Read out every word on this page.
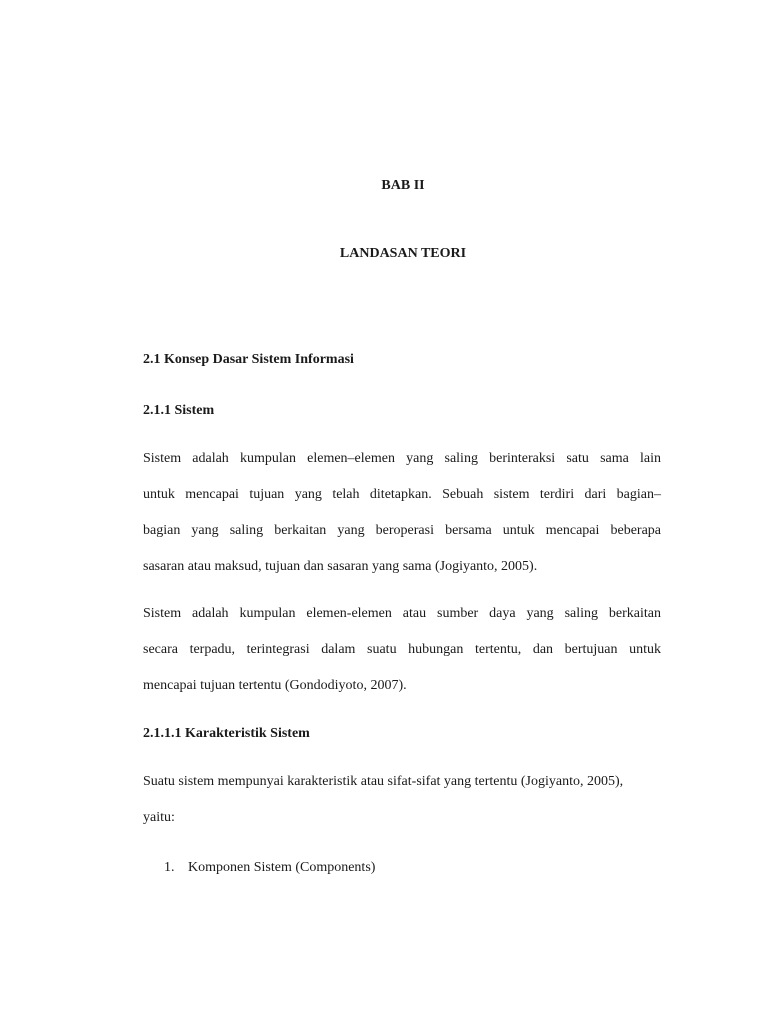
BAB II
LANDASAN TEORI
2.1 Konsep Dasar Sistem Informasi
2.1.1 Sistem
Sistem adalah kumpulan elemen–elemen yang saling berinteraksi satu sama lain
untuk mencapai tujuan yang telah ditetapkan. Sebuah sistem terdiri dari bagian–
bagian yang saling berkaitan yang beroperasi bersama untuk mencapai beberapa
sasaran atau maksud, tujuan dan sasaran yang sama (Jogiyanto, 2005).
Sistem adalah kumpulan elemen-elemen atau sumber daya yang saling berkaitan
secara terpadu, terintegrasi dalam suatu hubungan tertentu, dan bertujuan untuk
mencapai tujuan tertentu (Gondodiyoto, 2007).
2.1.1.1 Karakteristik Sistem
Suatu sistem mempunyai karakteristik atau sifat-sifat yang tertentu (Jogiyanto, 2005),
yaitu:
1. Komponen Sistem (Components)
